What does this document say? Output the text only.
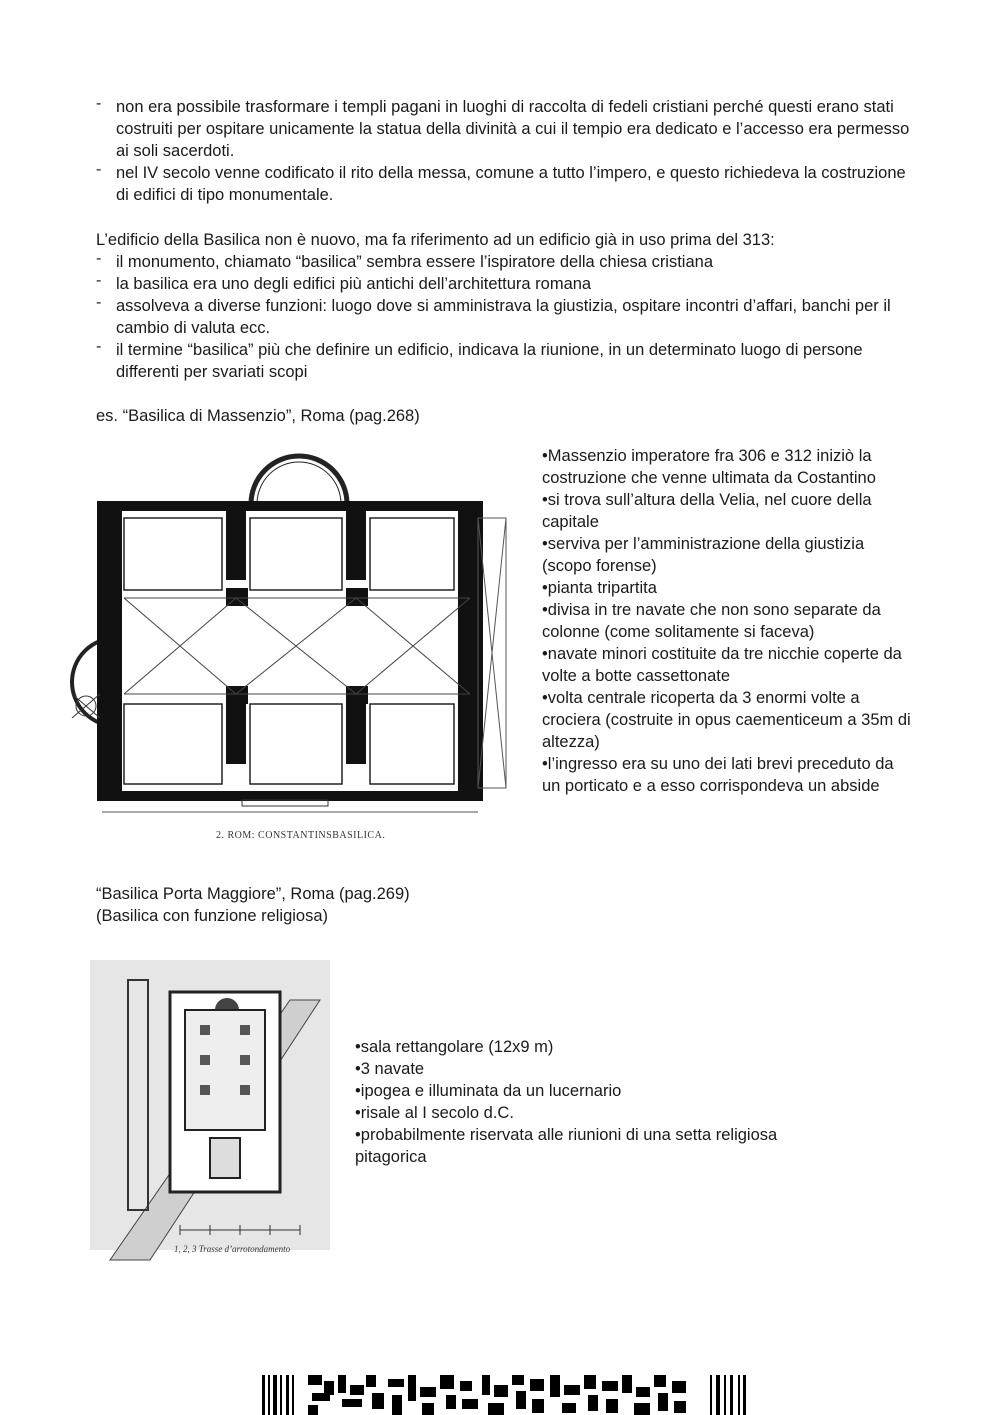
- non era possibile trasformare i templi pagani in luoghi di raccolta di fedeli cristiani perché questi erano stati costruiti per ospitare unicamente la statua della divinità a cui il tempio era dedicato e l’accesso era permesso ai soli sacerdoti.
- nel IV secolo venne codificato il rito della messa, comune a tutto l’impero, e questo richiedeva la costruzione di edifici di tipo monumentale.
L’edificio della Basilica non è nuovo, ma fa riferimento ad un edificio già in uso prima del 313:
- il monumento, chiamato “basilica” sembra essere l’ispiratore della chiesa cristiana
- la basilica era uno degli edifici più antichi dell’architettura romana
- assolveva a diverse funzioni: luogo dove si amministrava la giustizia, ospitare incontri d’affari, banchi per il cambio di valuta ecc.
- il termine “basilica” più che definire un edificio, indicava la riunione, in un determinato luogo di persone differenti per svariati scopi
es. “Basilica di Massenzio”, Roma (pag.268)
2. ROM: CONSTANTINSBASILICA.
•Massenzio imperatore fra 306 e 312 iniziò la costruzione che venne ultimata da Costantino
•si trova sull’altura della Velia, nel cuore della capitale
•serviva per l’amministrazione della giustizia (scopo forense)
•pianta tripartita
•divisa in tre navate che non sono separate da colonne (come solitamente si faceva)
•navate minori costituite da tre nicchie coperte da volte a botte cassettonate
•volta centrale ricoperta da 3 enormi volte a crociera (costruite in opus caementiceum a 35m di altezza)
•l’ingresso era su uno dei lati brevi preceduto da un porticato e a esso corrispondeva un abside
“Basilica Porta Maggiore”, Roma (pag.269)
(Basilica con funzione religiosa)
1, 2, 3 Trasse d’arrotondamento
•sala rettangolare (12x9 m)
•3 navate
•ipogea e illuminata da un lucernario
•risale al I secolo d.C.
•probabilmente riservata alle riunioni di una setta religiosa pitagorica
